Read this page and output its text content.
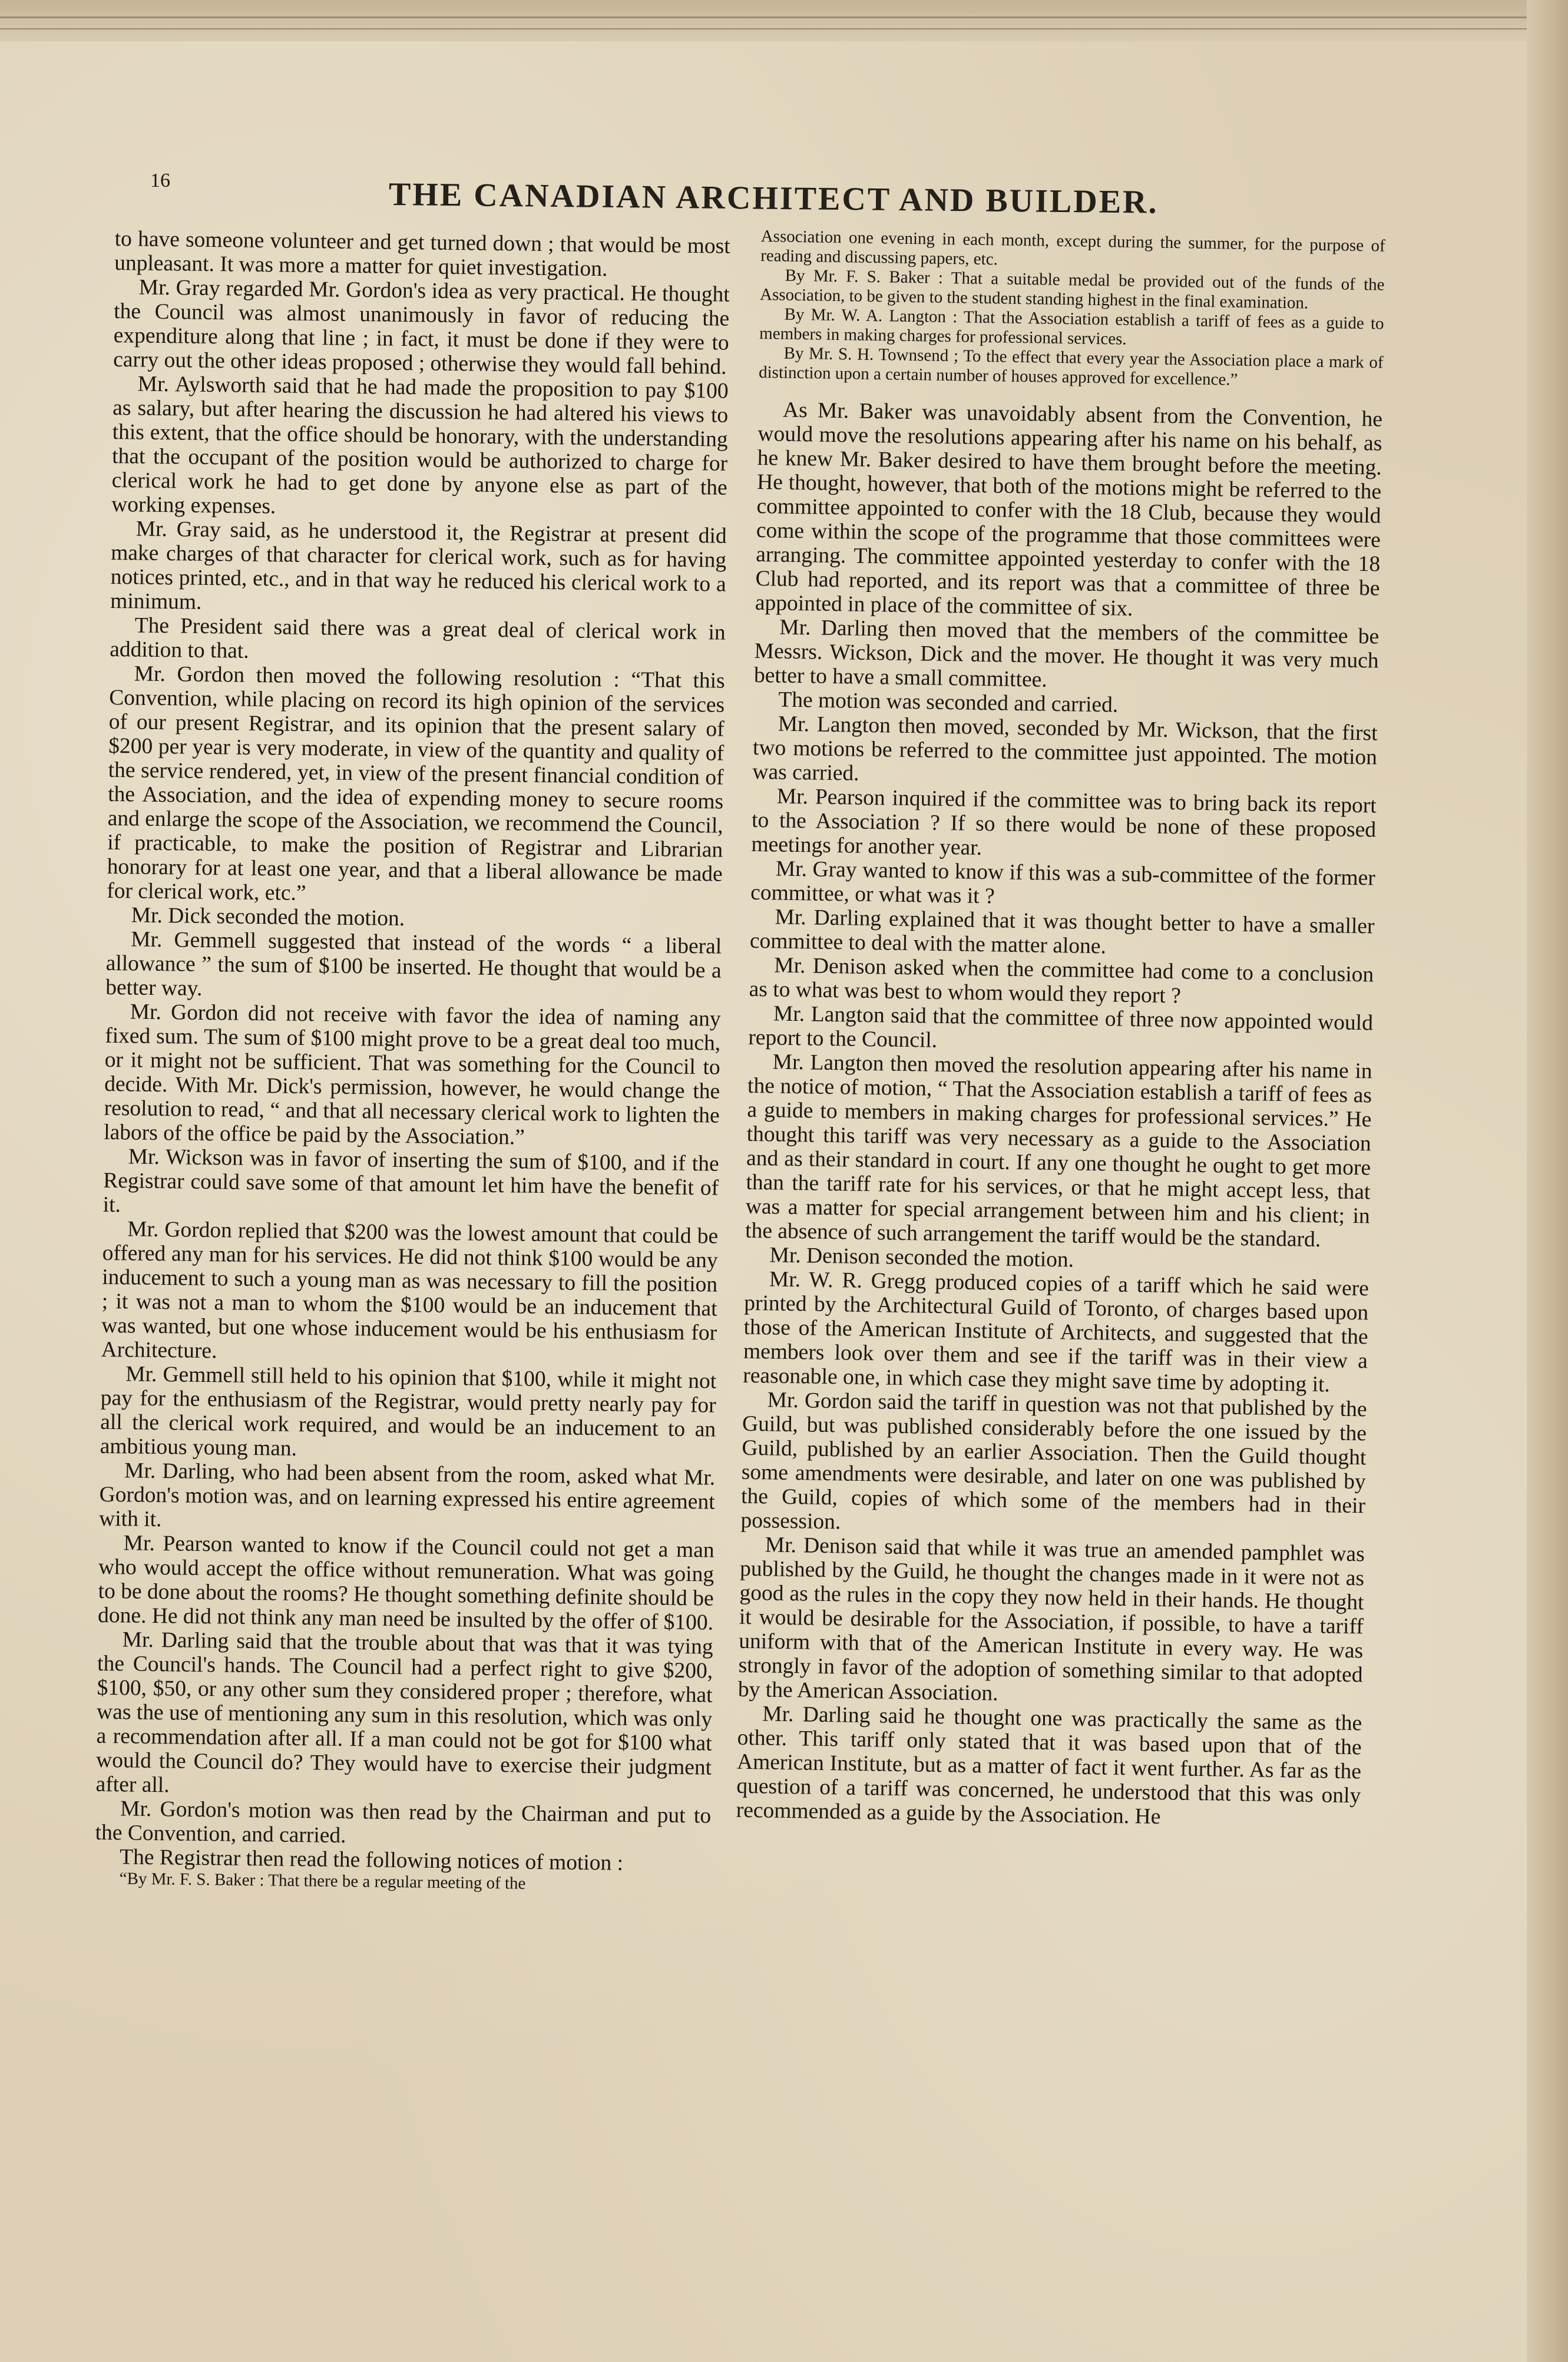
16	THE CANADIAN ARCHITECT AND BUILDER.

to have someone volunteer and get turned down ; that would be most unpleasant. It was more a matter for quiet investigation.

Mr. Gray regarded Mr. Gordon's idea as very practical. He thought the Council was almost unanimously in favor of reducing the expenditure along that line ; in fact, it must be done if they were to carry out the other ideas proposed ; otherwise they would fall behind.

Mr. Aylsworth said that he had made the proposition to pay $100 as salary, but after hearing the discussion he had altered his views to this extent, that the office should be honorary, with the understanding that the occupant of the position would be authorized to charge for clerical work he had to get done by anyone else as part of the working expenses.

Mr. Gray said, as he understood it, the Registrar at present did make charges of that character for clerical work, such as for having notices printed, etc., and in that way he reduced his clerical work to a minimum.

The President said there was a great deal of clerical work in addition to that.

Mr. Gordon then moved the following resolution : “That this Convention, while placing on record its high opinion of the services of our present Registrar, and its opinion that the present salary of $200 per year is very moderate, in view of the quantity and quality of the service rendered, yet, in view of the present financial condition of the Association, and the idea of expending money to secure rooms and enlarge the scope of the Association, we recommend the Council, if practicable, to make the position of Registrar and Librarian honorary for at least one year, and that a liberal allowance be made for clerical work, etc.”

Mr. Dick seconded the motion.

Mr. Gemmell suggested that instead of the words “ a liberal allowance ” the sum of $100 be inserted. He thought that would be a better way.

Mr. Gordon did not receive with favor the idea of naming any fixed sum. The sum of $100 might prove to be a great deal too much, or it might not be sufficient. That was something for the Council to decide. With Mr. Dick's permission, however, he would change the resolution to read, “ and that all necessary clerical work to lighten the labors of the office be paid by the Association.”

Mr. Wickson was in favor of inserting the sum of $100, and if the Registrar could save some of that amount let him have the benefit of it.

Mr. Gordon replied that $200 was the lowest amount that could be offered any man for his services. He did not think $100 would be any inducement to such a young man as was necessary to fill the position ; it was not a man to whom the $100 would be an inducement that was wanted, but one whose inducement would be his enthusiasm for Architecture.

Mr. Gemmell still held to his opinion that $100, while it might not pay for the enthusiasm of the Registrar, would pretty nearly pay for all the clerical work required, and would be an inducement to an ambitious young man.

Mr. Darling, who had been absent from the room, asked what Mr. Gordon's motion was, and on learning expressed his entire agreement with it.

Mr. Pearson wanted to know if the Council could not get a man who would accept the office without remuneration. What was going to be done about the rooms? He thought something definite should be done. He did not think any man need be insulted by the offer of $100.

Mr. Darling said that the trouble about that was that it was tying the Council's hands. The Council had a perfect right to give $200, $100, $50, or any other sum they considered proper ; therefore, what was the use of mentioning any sum in this resolution, which was only a recommendation after all. If a man could not be got for $100 what would the Council do? They would have to exercise their judgment after all.

Mr. Gordon's motion was then read by the Chairman and put to the Convention, and carried.

The Registrar then read the following notices of motion :

“By Mr. F. S. Baker : That there be a regular meeting of the

Association one evening in each month, except during the summer, for the purpose of reading and discussing papers, etc.

By Mr. F. S. Baker : That a suitable medal be provided out of the funds of the Association, to be given to the student standing highest in the final examination.

By Mr. W. A. Langton : That the Association establish a tariff of fees as a guide to members in making charges for professional services.

By Mr. S. H. Townsend ; To the effect that every year the Association place a mark of distinction upon a certain number of houses approved for excellence.”

As Mr. Baker was unavoidably absent from the Convention, he would move the resolutions appearing after his name on his behalf, as he knew Mr. Baker desired to have them brought before the meeting. He thought, however, that both of the motions might be referred to the committee appointed to confer with the 18 Club, because they would come within the scope of the programme that those committees were arranging. The committee appointed yesterday to confer with the 18 Club had reported, and its report was that a committee of three be appointed in place of the committee of six.

Mr. Darling then moved that the members of the committee be Messrs. Wickson, Dick and the mover. He thought it was very much better to have a small committee.

The motion was seconded and carried.

Mr. Langton then moved, seconded by Mr. Wickson, that the first two motions be referred to the committee just appointed. The motion was carried.

Mr. Pearson inquired if the committee was to bring back its report to the Association ? If so there would be none of these proposed meetings for another year.

Mr. Gray wanted to know if this was a sub-committee of the former committee, or what was it ?

Mr. Darling explained that it was thought better to have a smaller committee to deal with the matter alone.

Mr. Denison asked when the committee had come to a conclusion as to what was best to whom would they report ?

Mr. Langton said that the committee of three now appointed would report to the Council.

Mr. Langton then moved the resolution appearing after his name in the notice of motion, “ That the Association establish a tariff of fees as a guide to members in making charges for professional services.” He thought this tariff was very necessary as a guide to the Association and as their standard in court. If any one thought he ought to get more than the tariff rate for his services, or that he might accept less, that was a matter for special arrangement between him and his client; in the absence of such arrangement the tariff would be the standard.

Mr. Denison seconded the motion.

Mr. W. R. Gregg produced copies of a tariff which he said were printed by the Architectural Guild of Toronto, of charges based upon those of the American Institute of Architects, and suggested that the members look over them and see if the tariff was in their view a reasonable one, in which case they might save time by adopting it.

Mr. Gordon said the tariff in question was not that published by the Guild, but was published considerably before the one issued by the Guild, published by an earlier Association. Then the Guild thought some amendments were desirable, and later on one was published by the Guild, copies of which some of the members had in their possession.

Mr. Denison said that while it was true an amended pamphlet was published by the Guild, he thought the changes made in it were not as good as the rules in the copy they now held in their hands. He thought it would be desirable for the Association, if possible, to have a tariff uniform with that of the American Institute in every way. He was strongly in favor of the adoption of something similar to that adopted by the American Association.

Mr. Darling said he thought one was practically the same as the other. This tariff only stated that it was based upon that of the American Institute, but as a matter of fact it went further. As far as the question of a tariff was concerned, he understood that this was only recommended as a guide by the Association. He
